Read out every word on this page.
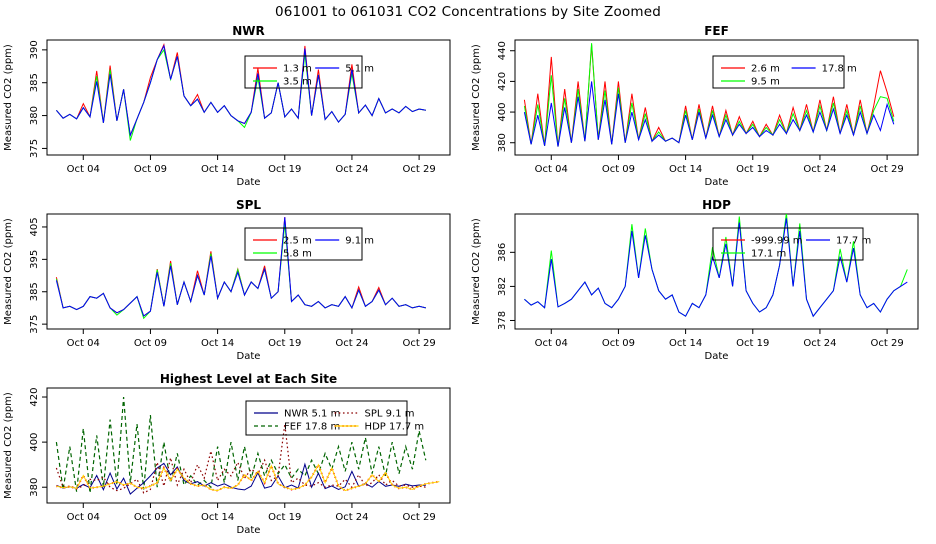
061001 to 061031 CO2 Concentrations by Site Zoomed
NWR
Date
Measured CO2 (ppm)
Oct 04	Oct 09	Oct 14	Oct 19	Oct 24	Oct 29
375
380
385
390
1.3 m
3.5 m
5.1 m
FEF
Date
Measured CO2 (ppm)
Oct 04	Oct 09	Oct 14	Oct 19	Oct 24	Oct 29
380
400
420
440
2.6 m
9.5 m
17.8 m
SPL
Date
Measured CO2 (ppm)
Oct 04	Oct 09	Oct 14	Oct 19	Oct 24	Oct 29
375
385
395
405
2.5 m
5.8 m
9.1 m
HDP
Date
Measured CO2 (ppm)
Oct 04	Oct 09	Oct 14	Oct 19	Oct 24	Oct 29
378
382
386
-999.99 m
17.1 m
17.7 m
Highest Level at Each Site
Date
Measured CO2 (ppm)
Oct 04	Oct 09	Oct 14	Oct 19	Oct 24	Oct 29
380
400
420
NWR 5.1 m
FEF 17.8 m
SPL 9.1 m
HDP 17.7 m
